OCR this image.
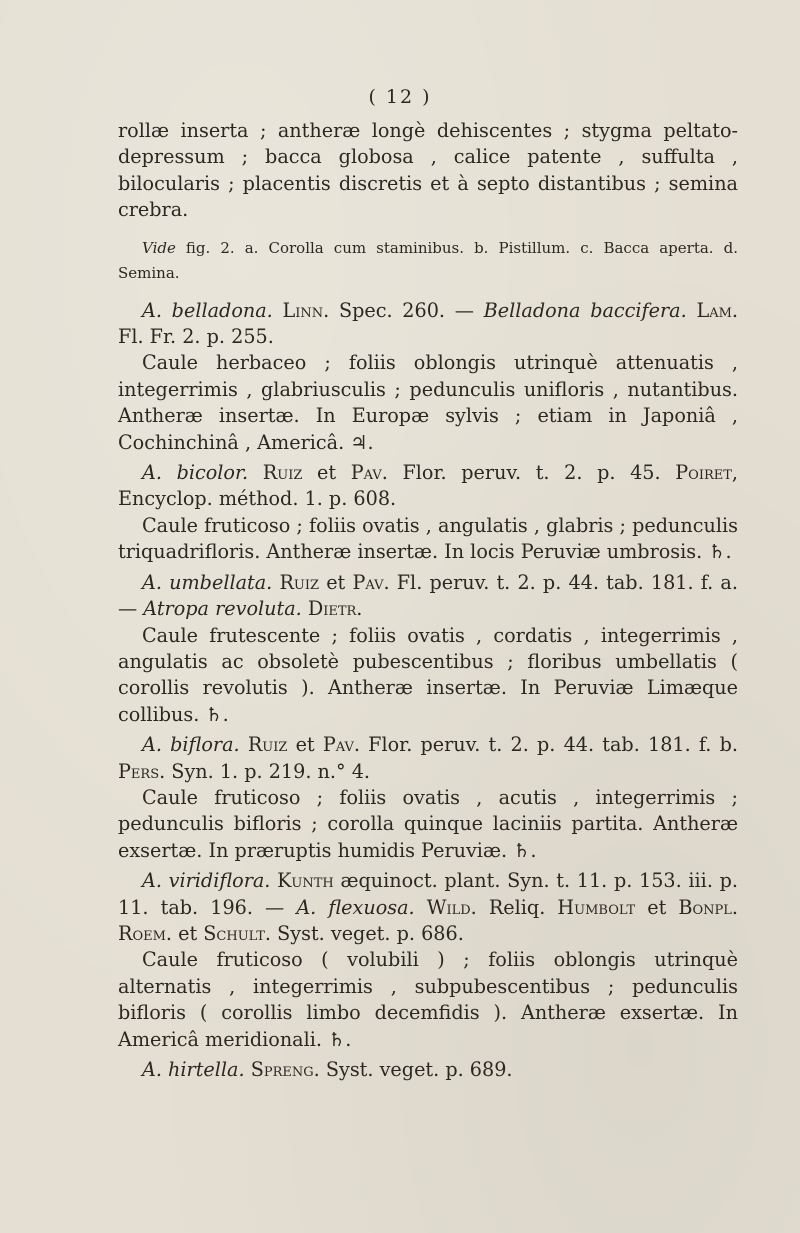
( 12 )

rollæ inserta ; antheræ longè dehiscentes ; stygma peltato-depressum ; bacca globosa , calice patente , suffulta , bilocularis ; placentis discretis et à septo distantibus ; semina crebra.

Vide fig. 2. a. Corolla cum staminibus. b. Pistillum. c. Bacca aperta. d. Semina.

A. belladona. Linn. Spec. 260. — Belladona baccifera. Lam. Fl. Fr. 2. p. 255.

Caule herbaceo ; foliis oblongis utrinquè attenuatis , integerrimis , glabriusculis ; pedunculis unifloris , nutantibus. Antheræ insertæ. In Europæ sylvis ; etiam in Japoniâ , Cochinchinâ , Americâ. ♃.

A. bicolor. Ruiz et Pav. Flor. peruv. t. 2. p. 45. Poiret, Encyclop. méthod. 1. p. 608.

Caule fruticoso ; foliis ovatis , angulatis , glabris ; pedunculis triquadrifloris. Antheræ insertæ. In locis Peruviæ umbrosis. ♄.

A. umbellata. Ruiz et Pav. Fl. peruv. t. 2. p. 44. tab. 181. f. a. — Atropa revoluta. Dietr.

Caule frutescente ; foliis ovatis , cordatis , integerrimis , angulatis ac obsoletè pubescentibus ; floribus umbellatis ( corollis revolutis ). Antheræ insertæ. In Peruviæ Limæque collibus. ♄.

A. biflora. Ruiz et Pav. Flor. peruv. t. 2. p. 44. tab. 181. f. b. Pers. Syn. 1. p. 219. n.° 4.

Caule fruticoso ; foliis ovatis , acutis , integerrimis ; pedunculis bifloris ; corolla quinque laciniis partita. Antheræ exsertæ. In præruptis humidis Peruviæ. ♄.

A. viridiflora. Kunth æquinoct. plant. Syn. t. 11. p. 153. iii. p. 11. tab. 196. — A. flexuosa. Wild. Reliq. Humbolt et Bonpl. Roem. et Schult. Syst. veget. p. 686.

Caule fruticoso ( volubili ) ; foliis oblongis utrinquè alternatis , integerrimis , subpubescentibus ; pedunculis bifloris ( corollis limbo decemfidis ). Antheræ exsertæ. In Americâ meridionali. ♄.

A. hirtella. Spreng. Syst. veget. p. 689.
